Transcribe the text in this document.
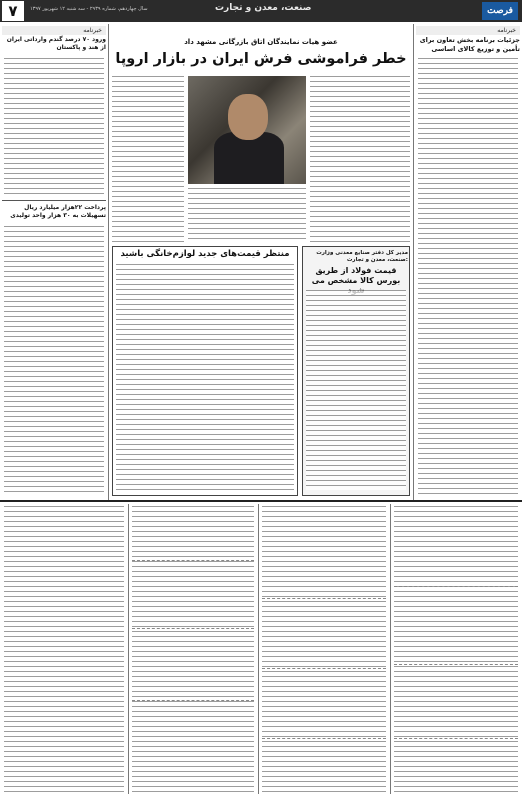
۷	سال چهاردهم، شماره ۲۹۳۹ - سه شنبه ۱۲ شهریور ۱۳۹۷	صنعت، معدن و تجارت	فرصت
خبرنامه
جزئیات برنامه بخش تعاون برای تأمین و توزیع کالای اساسی
خبرنامه
ورود ۷۰ درصد گندم وارداتی ایران از هند و پاکستان
پرداخت ۲۲هزار میلیارد ریال تسهیلات به ۳۰ هزار واحد تولیدی
عضو هیات نمایندگان اتاق بازرگانی مشهد داد
خطر فراموشی فرش ایران در بازار اروپا
منتظر قیمت‌های جدید لوازم‌خانگی باشید	مدیر کل دفتر صنایع معدنی وزارت صنعت، معدن و تجارت:
قیمت فولاد از طریق بورس کالا مشخص می
